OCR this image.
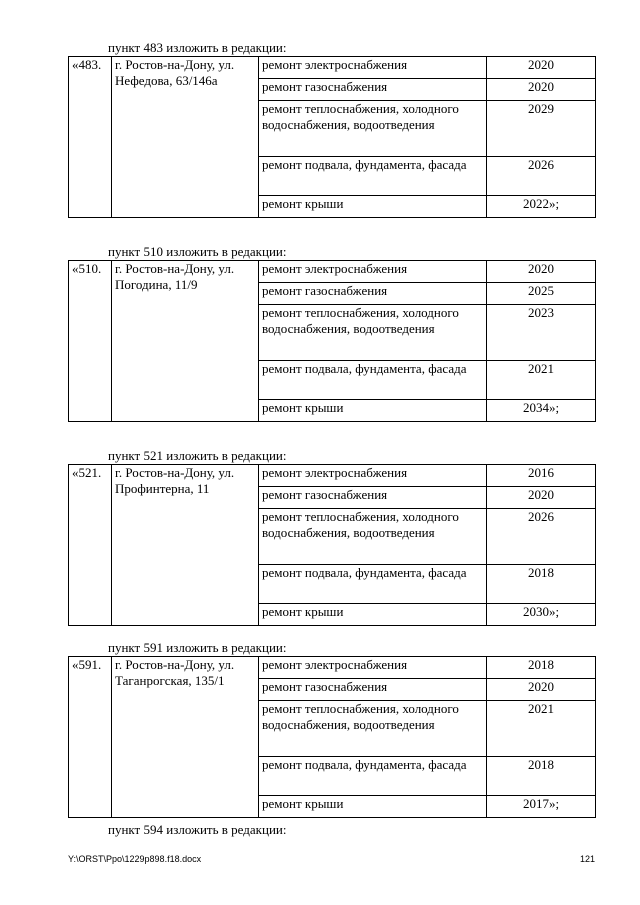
пункт 483 изложить в редакции:
«483.	г. Ростов-на-Дону, ул. Нефедова, 63/146а	ремонт электроснабжения	2020
		ремонт газоснабжения	2020
		ремонт теплоснабжения, холодного водоснабжения, водоотведения	2029
		ремонт подвала, фундамента, фасада	2026
		ремонт крыши	2022»;
пункт 510 изложить в редакции:
«510.	г. Ростов-на-Дону, ул. Погодина, 11/9	ремонт электроснабжения	2020
		ремонт газоснабжения	2025
		ремонт теплоснабжения, холодного водоснабжения, водоотведения	2023
		ремонт подвала, фундамента, фасада	2021
		ремонт крыши	2034»;
пункт 521 изложить в редакции:
«521.	г. Ростов-на-Дону, ул. Профинтерна, 11	ремонт электроснабжения	2016
		ремонт газоснабжения	2020
		ремонт теплоснабжения, холодного водоснабжения, водоотведения	2026
		ремонт подвала, фундамента, фасада	2018
		ремонт крыши	2030»;
пункт 591 изложить в редакции:
«591.	г. Ростов-на-Дону, ул. Таганрогская, 135/1	ремонт электроснабжения	2018
		ремонт газоснабжения	2020
		ремонт теплоснабжения, холодного водоснабжения, водоотведения	2021
		ремонт подвала, фундамента, фасада	2018
		ремонт крыши	2017»;
пункт 594 изложить в редакции:
Y:\ORST\Ppo\1229p898.f18.docx	121
